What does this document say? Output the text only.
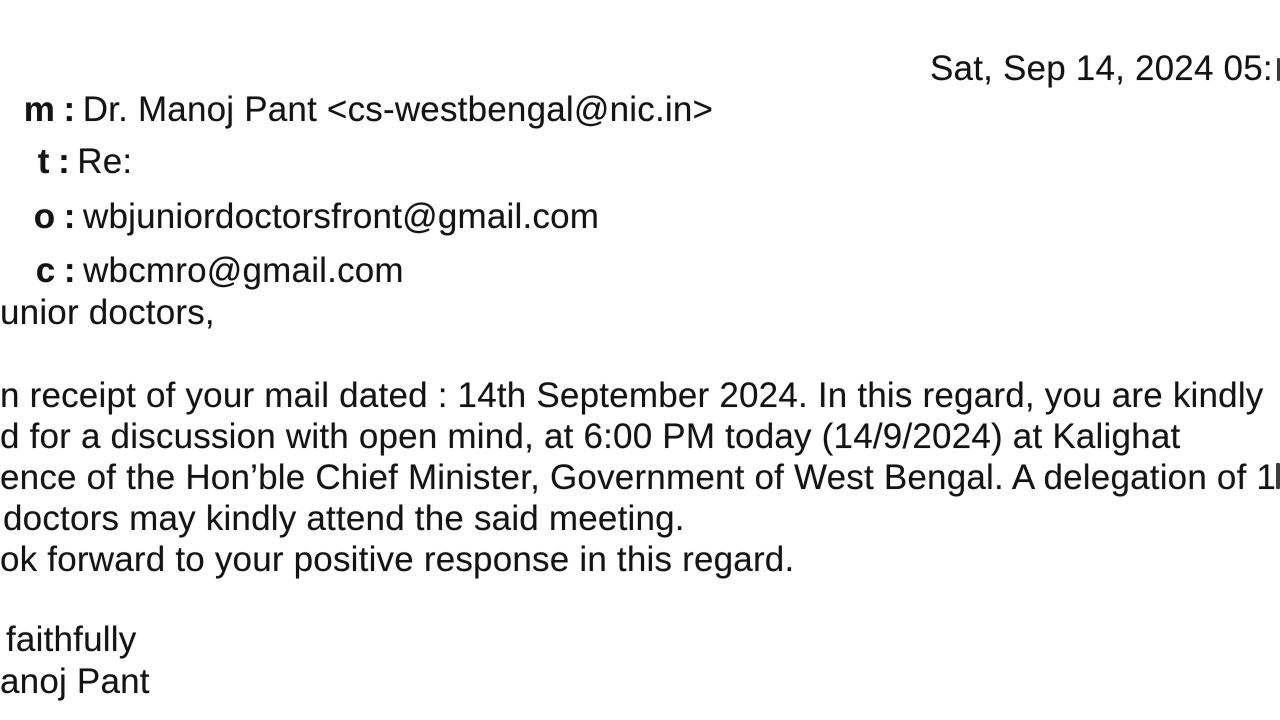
m : Dr. Manoj Pant <cs-westbengal@nic.in>

Sat, Sep 14, 2024 05:

t : Re:

o : wbjuniordoctorsfront@gmail.com

c : wbcmro@gmail.com

unior doctors,
n receipt of your mail dated : 14th September 2024. In this regard, you are kindly
d for a discussion with open mind, at 6:00 PM today (14/9/2024) at Kalighat
ence of the Hon’ble Chief Minister, Government of West Bengal. A delegation of 1
doctors may kindly attend the said meeting.
ok forward to your positive response in this regard.
faithfully
anoj Pant
